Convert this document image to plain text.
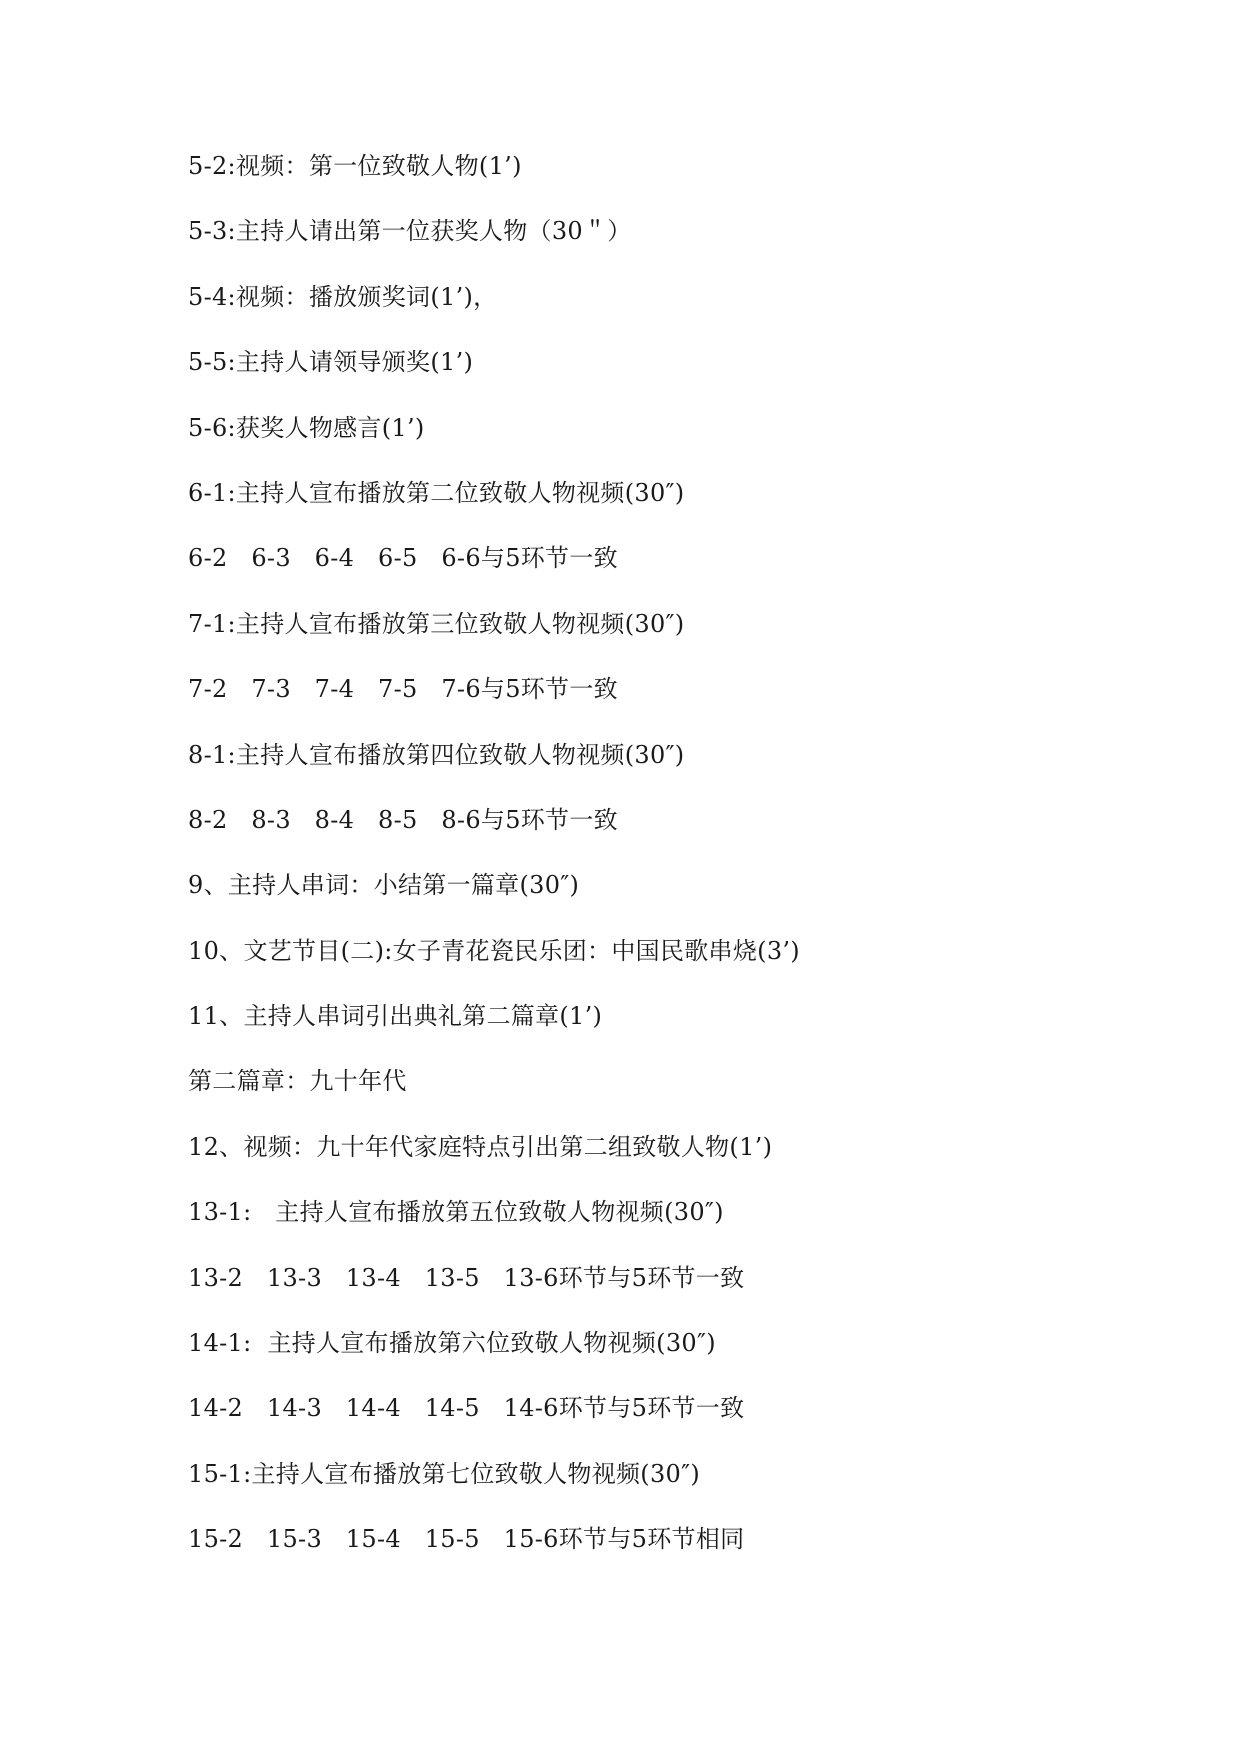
5-2:视频：第一位致敬人物(1’)
5-3:主持人请出第一位获奖人物（30＂）
5-4:视频：播放颁奖词(1’)，
5-5:主持人请领导颁奖(1’)
5-6:获奖人物感言(1’)
6-1:主持人宣布播放第二位致敬人物视频(30″)
6-2   6-3   6-4   6-5   6-6与5环节一致
7-1:主持人宣布播放第三位致敬人物视频(30″)
7-2   7-3   7-4   7-5   7-6与5环节一致
8-1:主持人宣布播放第四位致敬人物视频(30″)
8-2   8-3   8-4   8-5   8-6与5环节一致
9、主持人串词：小结第一篇章(30″)
10、文艺节目(二):女子青花瓷民乐团：中国民歌串烧(3’)
11、主持人串词引出典礼第二篇章(1’)
第二篇章：九十年代
12、视频：九十年代家庭特点引出第二组致敬人物(1’)
13-1:   主持人宣布播放第五位致敬人物视频(30″)
13-2   13-3   13-4   13-5   13-6环节与5环节一致
14-1:  主持人宣布播放第六位致敬人物视频(30″)
14-2   14-3   14-4   14-5   14-6环节与5环节一致
15-1:主持人宣布播放第七位致敬人物视频(30″)
15-2   15-3   15-4   15-5   15-6环节与5环节相同
